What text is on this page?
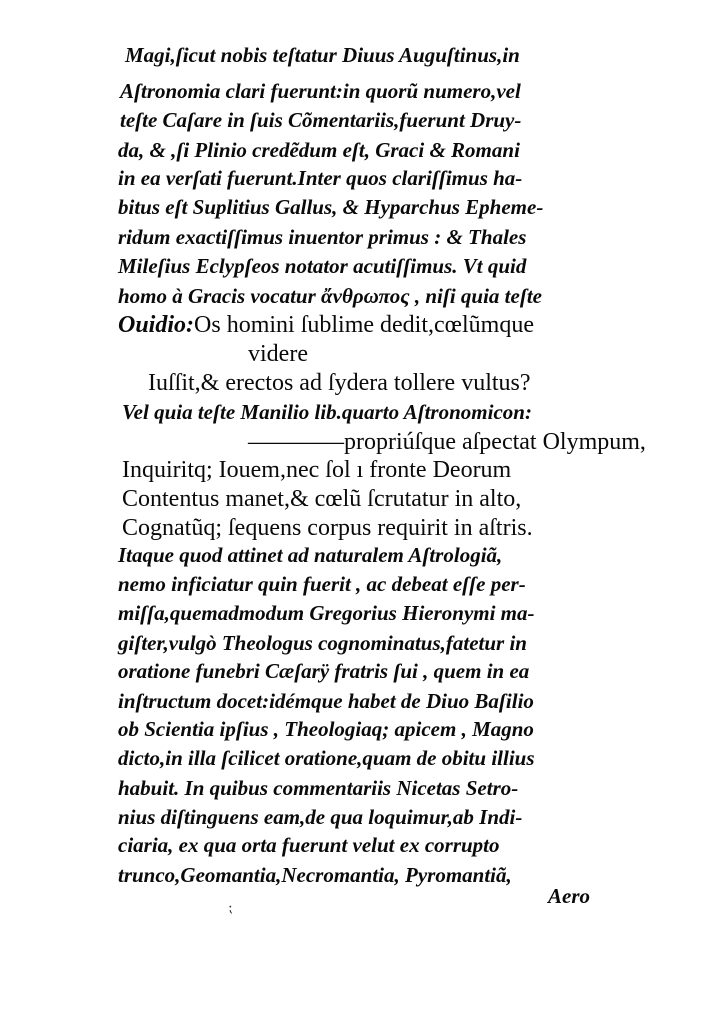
Magi,ſicut nobis teſtatur Diuus Auguſtinus,in
Aſtronomia clari fuerunt:in quorũ numero,vel
teſte Caſare in ſuis Cõmentariis,fuerunt Druy-
da, & ,ſi Plinio credẽdum eſt, Graci & Romani
in ea verſati fuerunt.Inter quos clariſſimus ha-
bitus eſt Suplitius Gallus, & Hyparchus Epheme-
ridum exactiſſimus inuentor primus : & Thales
Mileſius Eclypſeos notator acutiſſimus. Vt quid
homo à Gracis vocatur ἄνθρωπος , niſi quia teſte
Ouidio:Os homini ſublime dedit,cœlũmque
videre
Iuſſit,& erectos ad ſydera tollere vultus?
Vel quia teſte Manilio lib.quarto Aſtronomicon:
————propriúſque aſpectat Olympum,
Inquiritq; Iouem,nec ſol ı fronte Deorum
Contentus manet,& cœlũ ſcrutatur in alto,
Cognatũq; ſequens corpus requirit in aſtris.
Itaque quod attinet ad naturalem Aſtrologiã,
nemo inficiatur quin fuerit , ac debeat eſſe per-
miſſa,quemadmodum Gregorius Hieronymi ma-
giſter,vulgò Theologus cognominatus,fatetur in
oratione funebri Cæſarÿ fratris ſui , quem in ea
inſtructum docet:idémque habet de Diuo Baſilio
ob Scientia ipſius , Theologiaq; apicem , Magno
dicto,in illa ſcilicet oratione,quam de obitu illius
habuit. In quibus commentariis Nicetas Setro-
nius diſtinguens eam,de qua loquimur,ab Indi-
ciaria, ex qua orta fuerunt velut ex corrupto
trunco,Geomantia,Necromantia, Pyromantiã,
Aero
⁏
